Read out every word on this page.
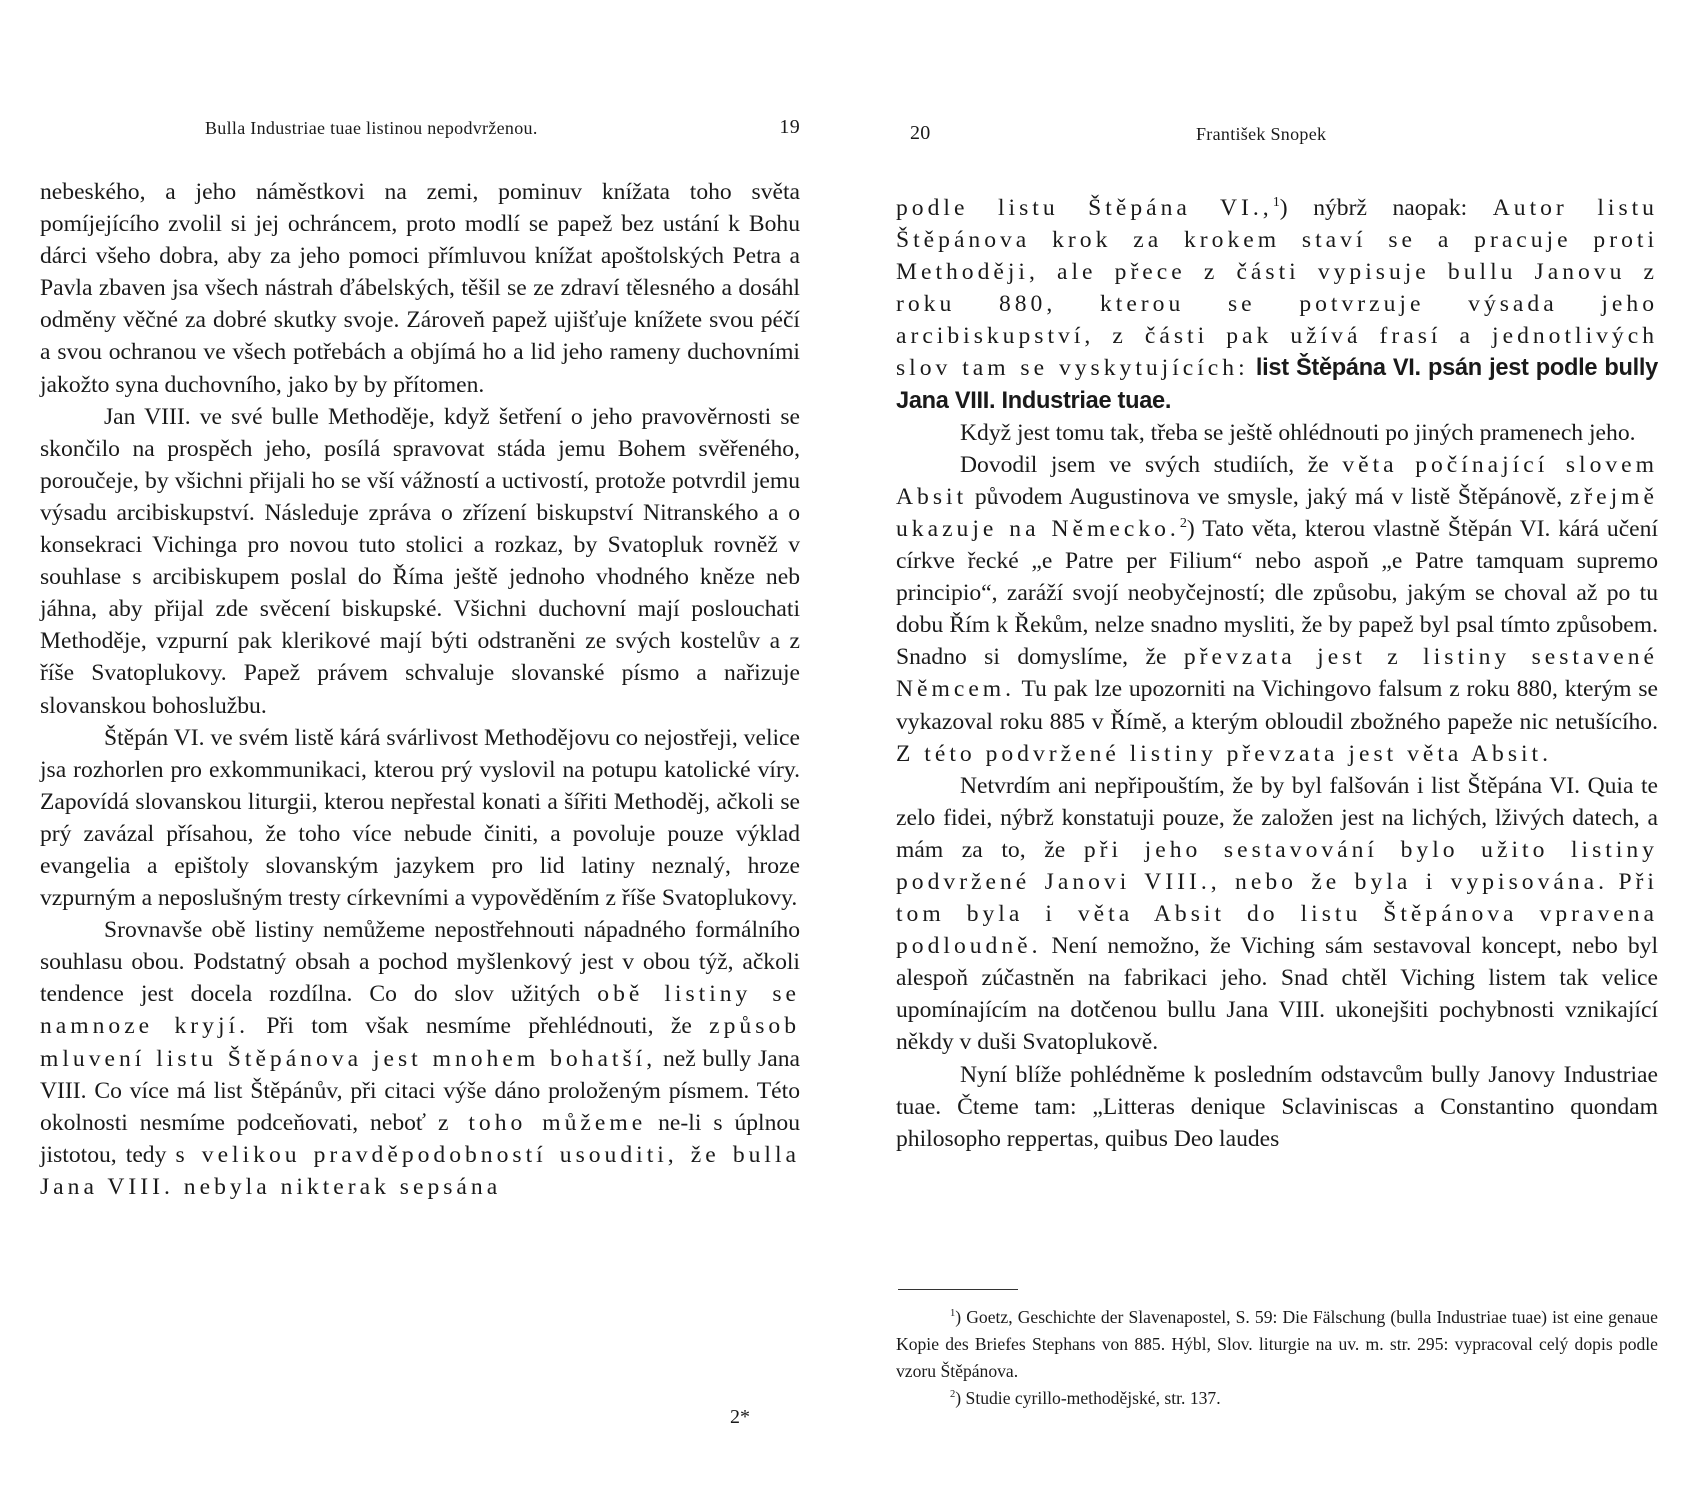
Bulla Industriae tuae listinou nepodvrženou.	19

nebeského, a jeho náměstkovi na zemi, pominuv knížata toho světa pomíjejícího zvolil si jej ochráncem, proto modlí se papež bez ustání k Bohu dárci všeho dobra, aby za jeho pomoci přímluvou knížat apoštolských Petra a Pavla zbaven jsa všech nástrah ďábelských, těšil se ze zdraví tělesného a dosáhl odměny věčné za dobré skutky svoje. Zároveň papež ujišťuje knížete svou péčí a svou ochranou ve všech potřebách a objímá ho a lid jeho rameny duchovními jakožto syna duchovního, jako by by přítomen.

Jan VIII. ve své bulle Methoděje, když šetření o jeho pravověrnosti se skončilo na prospěch jeho, posílá spravovat stáda jemu Bohem svěřeného, poroučeje, by všichni přijali ho se vší vážností a uctivostí, protože potvrdil jemu výsadu arcibiskupství. Následuje zpráva o zřízení biskupství Nitranského a o konsekraci Vichinga pro novou tuto stolici a rozkaz, by Svatopluk rovněž v souhlase s arcibiskupem poslal do Říma ještě jednoho vhodného kněze neb jáhna, aby přijal zde svěcení biskupské. Všichni duchovní mají poslouchati Methoděje, vzpurní pak klerikové mají býti odstraněni ze svých kostelův a z říše Svatoplukovy. Papež právem schvaluje slovanské písmo a nařizuje slovanskou bohoslužbu.

Štěpán VI. ve svém listě kárá svárlivost Methodějovu co nejostřeji, velice jsa rozhorlen pro exkommunikaci, kterou prý vyslovil na potupu katolické víry. Zapovídá slovanskou liturgii, kterou nepřestal konati a šířiti Methoděj, ačkoli se prý zavázal přísahou, že toho více nebude činiti, a povoluje pouze výklad evangelia a epištoly slovanským jazykem pro lid latiny neznalý, hroze vzpurným a neposlušným tresty církevními a vypověděním z říše Svatoplukovy.

Srovnavše obě listiny nemůžeme nepostřehnouti nápadného formálního souhlasu obou. Podstatný obsah a pochod myšlenkový jest v obou týž, ačkoli tendence jest docela rozdílna. Co do slov užitých obě listiny se namnoze kryjí. Při tom však nesmíme přehlédnouti, že způsob mluvení listu Štěpánova jest mnohem bohatší, než bully Jana VIII. Co více má list Štěpánův, při citaci výše dáno proloženým písmem. Této okolnosti nesmíme podceňovati, neboť z toho můžeme ne-li s úplnou jistotou, tedy s velikou pravděpodobností usouditi, že bulla Jana VIII. nebyla nikterak sepsána

2*
20	František Snopek

podle listu Štěpána VI.,$^1$) nýbrž naopak: Autor listu Štěpánova krok za krokem staví se a pracuje proti Methoději, ale přece z části vypisuje bullu Janovu z roku 880, kterou se potvrzuje výsada jeho arcibiskupství, z části pak užívá frasí a jednotlivých slov tam se vyskytujících: list Štěpána VI. psán jest podle bully Jana VIII. Industriae tuae.

Když jest tomu tak, třeba se ještě ohlédnouti po jiných pramenech jeho.

Dovodil jsem ve svých studiích, že věta počínající slovem Absit původem Augustinova ve smysle, jaký má v listě Štěpánově, zřejmě ukazuje na Německo.$^2$) Tato věta, kterou vlastně Štěpán VI. kárá učení církve řecké „e Patre per Filium“ nebo aspoň „e Patre tamquam supremo principio“, zaráží svojí neobyčejností; dle způsobu, jakým se choval až po tu dobu Řím k Řekům, nelze snadno mysliti, že by papež byl psal tímto způsobem. Snadno si domyslíme, že převzata jest z listiny sestavené Němcem. Tu pak lze upozorniti na Vichingovo falsum z roku 880, kterým se vykazoval roku 885 v Římě, a kterým obloudil zbožného papeže nic netušícího. Z této podvržené listiny převzata jest věta Absit.

Netvrdím ani nepřipouštím, že by byl falšován i list Štěpána VI. Quia te zelo fidei, nýbrž konstatuji pouze, že založen jest na lichých, lživých datech, a mám za to, že při jeho sestavování bylo užito listiny podvržené Janovi VIII., nebo že byla i vypisována. Při tom byla i věta Absit do listu Štěpánova vpravena podloudně. Není nemožno, že Viching sám sestavoval koncept, nebo byl alespoň zúčastněn na fabrikaci jeho. Snad chtěl Viching listem tak velice upomínajícím na dotčenou bullu Jana VIII. ukonejšiti pochybnosti vznikající někdy v duši Svatoplukově.

Nyní blíže pohlédněme k posledním odstavcům bully Janovy Industriae tuae. Čteme tam: „Litteras denique Sclaviniscas a Constantino quondam philosopho reppertas, quibus Deo laudes

$^1$) Goetz, Geschichte der Slavenapostel, S. 59: Die Fälschung (bulla Industriae tuae) ist eine genaue Kopie des Briefes Stephans von 885. Hýbl, Slov. liturgie na uv. m. str. 295: vypracoval celý dopis podle vzoru Štěpánova.

$^2$) Studie cyrillo-methodějské, str. 137.
